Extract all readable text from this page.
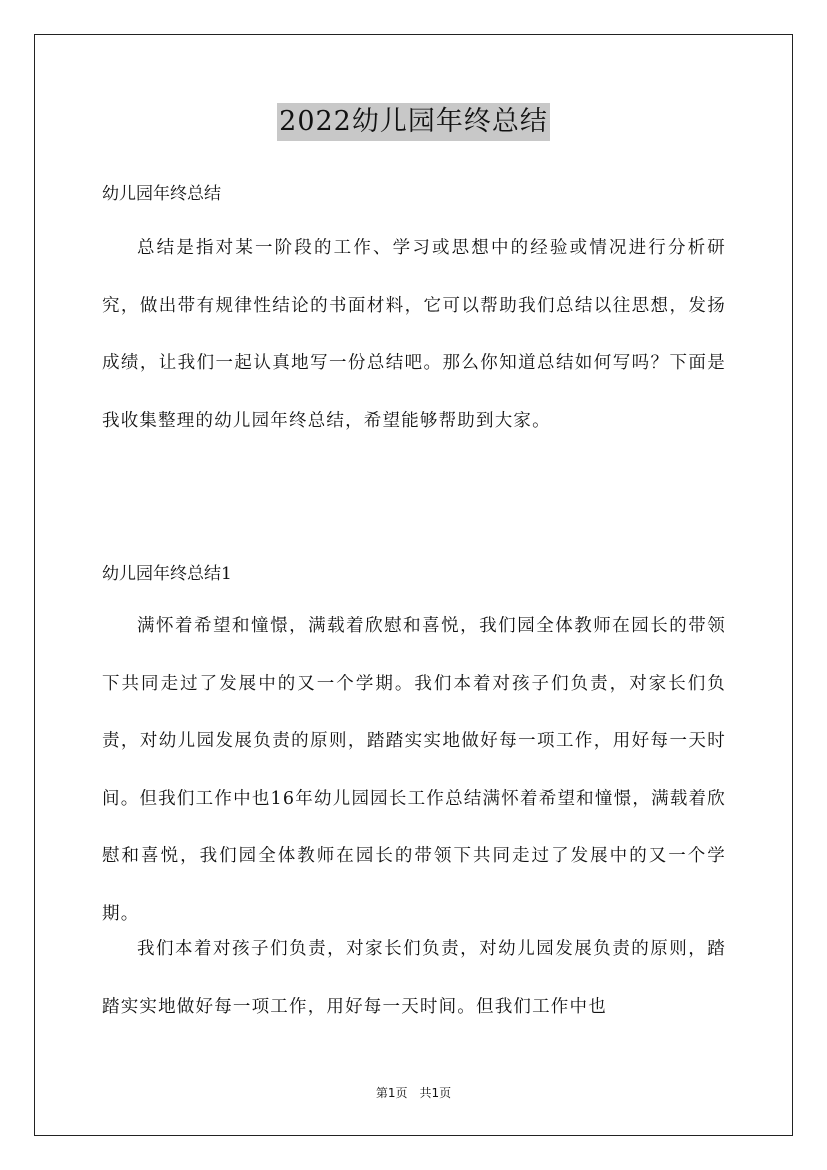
2022幼儿园年终总结
幼儿园年终总结

总结是指对某一阶段的工作、学习或思想中的经验或情况进行分析研究，做出带有规律性结论的书面材料，它可以帮助我们总结以往思想，发扬成绩，让我们一起认真地写一份总结吧。那么你知道总结如何写吗？下面是我收集整理的幼儿园年终总结，希望能够帮助到大家。

幼儿园年终总结1

满怀着希望和憧憬，满载着欣慰和喜悦，我们园全体教师在园长的带领下共同走过了发展中的又一个学期。我们本着对孩子们负责，对家长们负责，对幼儿园发展负责的原则，踏踏实实地做好每一项工作，用好每一天时间。但我们工作中也16年幼儿园园长工作总结满怀着希望和憧憬，满载着欣慰和喜悦，我们园全体教师在园长的带领下共同走过了发展中的又一个学期。

我们本着对孩子们负责，对家长们负责，对幼儿园发展负责的原则，踏踏实实地做好每一项工作，用好每一天时间。但我们工作中也

第1页　共1页
